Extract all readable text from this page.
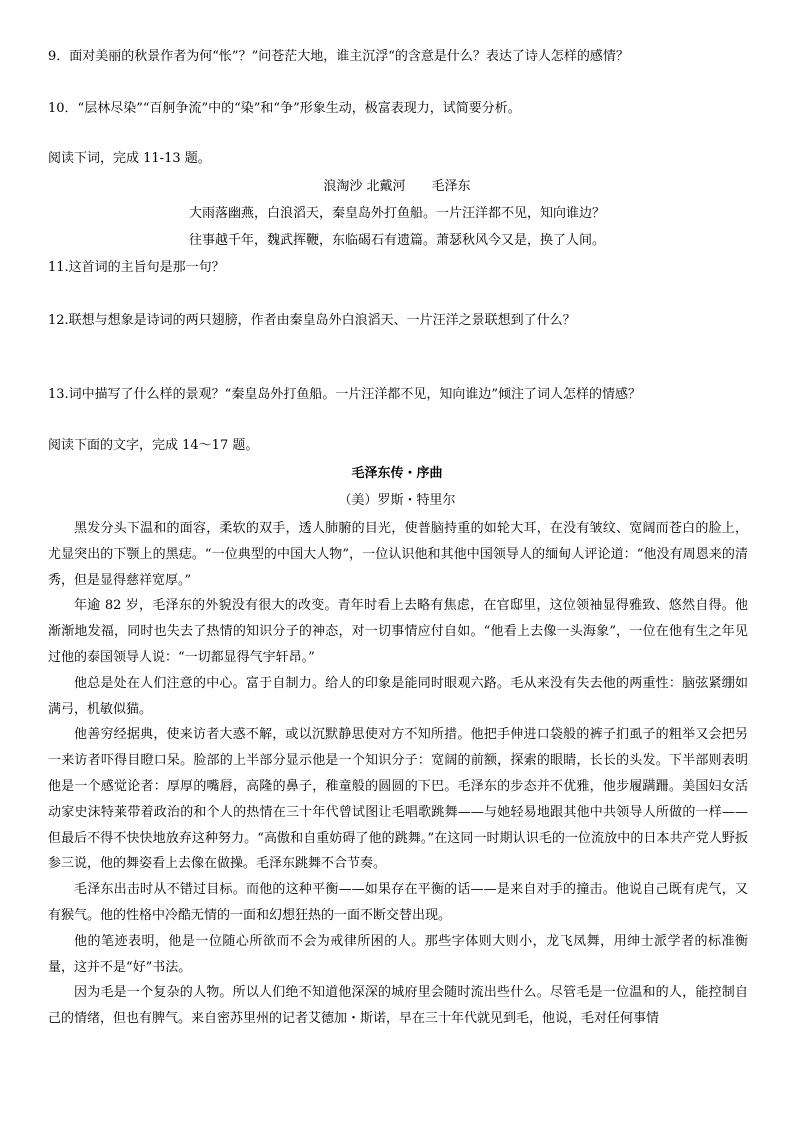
9．面对美丽的秋景作者为何“怅”？”问苍茫大地，谁主沉浮“的含意是什么？表达了诗人怎样的感情？
10．“层林尽染”“百舸争流”中的“染”和“争”形象生动，极富表现力，试简要分析。
阅读下词，完成 11-13 题。
浪淘沙 北戴河　　毛泽东
大雨落幽燕，白浪滔天，秦皇岛外打鱼船。一片汪洋都不见，知向谁边？
往事越千年，魏武挥鞭，东临碣石有遗篇。萧瑟秋风今又是，换了人间。
11.这首词的主旨句是那一句？
12.联想与想象是诗词的两只翅膀，作者由秦皇岛外白浪滔天、一片汪洋之景联想到了什么？
13.词中描写了什么样的景观？“秦皇岛外打鱼船。一片汪洋都不见，知向谁边”倾注了词人怎样的情感？
阅读下面的文字，完成 14～17 题。
毛泽东传・序曲
（美）罗斯・特里尔

黑发分头下温和的面容，柔软的双手，透人肺腑的目光，使普脑持重的如轮大耳，在没有皱纹、宽阔而苍白的脸上，尤显突出的下颚上的黑痣。“一位典型的中国大人物”，一位认识他和其他中国领导人的缅甸人评论道：“他没有周恩来的清秀，但是显得慈祥宽厚。”

年逾 82 岁，毛泽东的外貌没有很大的改变。青年时看上去略有焦虑，在官邸里，这位领袖显得雅致、悠然自得。他渐渐地发福，同时也失去了热情的知识分子的神态，对一切事情应付自如。“他看上去像一头海象”，一位在他有生之年见过他的泰国领导人说：“一切都显得气宇轩昂。”

他总是处在人们注意的中心。富于自制力。给人的印象是能同时眼观六路。毛从来没有失去他的两重性：脑弦紧绷如满弓，机敏似猫。

他善穷经据典，使来访者大惑不解，或以沉默静思使对方不知所措。他把手伸进口袋般的裤子扪虱子的粗举又会把另一来访者吓得目瞪口呆。脸部的上半部分显示他是一个知识分子：宽阔的前额，探索的眼睛，长长的头发。下半部则表明他是一个感觉论者：厚厚的嘴唇，高隆的鼻子，稚童般的圆圆的下巴。毛泽东的步态并不优雅，他步履蹒跚。美国妇女活动家史沫特莱带着政治的和个人的热情在三十年代曾试图让毛唱歌跳舞——与她轻易地跟其他中共领导人所做的一样——但最后不得不快快地放弃这种努力。“高傲和自重妨碍了他的跳舞。”在这同一时期认识毛的一位流放中的日本共产党人野扳参三说，他的舞姿看上去像在做操。毛泽东跳舞不合节奏。

毛泽东出击时从不错过目标。而他的这种平衡——如果存在平衡的话——是来自对手的撞击。他说自己既有虎气，又有猴气。他的性格中冷酷无情的一面和幻想狂热的一面不断交替出现。

他的笔迹表明，他是一位随心所欲而不会为戒律所困的人。那些字体则大则小，龙飞凤舞，用绅士派学者的标准衡量，这并不是“好”书法。

因为毛是一个复杂的人物。所以人们绝不知道他深深的城府里会随时流出些什么。尽管毛是一位温和的人，能控制自己的情绪，但也有脾气。来自密苏里州的记者艾德加・斯诺，早在三十年代就见到毛，他说，毛对任何事情
